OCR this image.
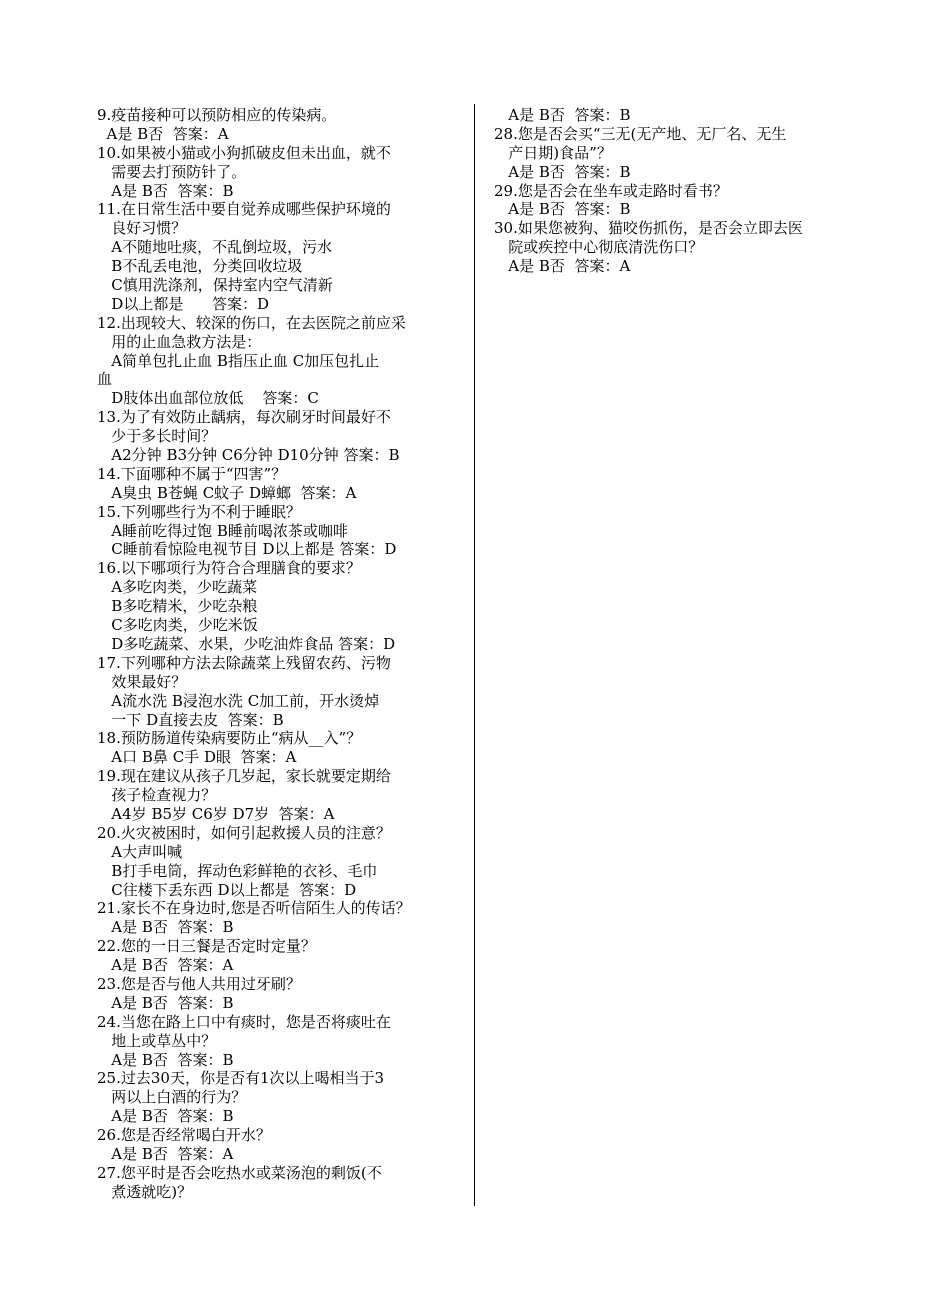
9.疫苗接种可以预防相应的传染病。
A是 B否  答案：A
10.如果被小猫或小狗抓破皮但未出血，就不
需要去打预防针了。
A是 B否  答案：B
11.在日常生活中要自觉养成哪些保护环境的
良好习惯？
A不随地吐痰，不乱倒垃圾，污水
B不乱丢电池，分类回收垃圾
C慎用洗涤剂，保持室内空气清新
D以上都是      答案：D
12.出现较大、较深的伤口，在去医院之前应采
用的止血急救方法是：
A简单包扎止血 B指压止血 C加压包扎止
血
D肢体出血部位放低    答案：C
13.为了有效防止龋病，每次刷牙时间最好不
少于多长时间？
A2分钟 B3分钟 C6分钟 D10分钟 答案：B
14.下面哪种不属于“四害”？
A臭虫 B苍蝇 C蚊子 D蟑螂  答案：A
15.下列哪些行为不利于睡眠？
A睡前吃得过饱 B睡前喝浓茶或咖啡
C睡前看惊险电视节目 D以上都是 答案：D
16.以下哪项行为符合合理膳食的要求？
A多吃肉类，少吃蔬菜
B多吃精米，少吃杂粮
C多吃肉类，少吃米饭
D多吃蔬菜、水果，少吃油炸食品 答案：D
17.下列哪种方法去除蔬菜上残留农药、污物
效果最好？
A流水洗 B浸泡水洗 C加工前，开水烫焯
一下 D直接去皮  答案：B
18.预防肠道传染病要防止“病从__入”？
A口 B鼻 C手 D眼  答案：A
19.现在建议从孩子几岁起，家长就要定期给
孩子检查视力？
A4岁 B5岁 C6岁 D7岁  答案：A
20.火灾被困时，如何引起救援人员的注意？
A大声叫喊
B打手电筒，挥动色彩鲜艳的衣衫、毛巾
C往楼下丢东西 D以上都是  答案：D
21.家长不在身边时,您是否听信陌生人的传话？
A是 B否  答案：B
22.您的一日三餐是否定时定量？
A是 B否  答案：A
23.您是否与他人共用过牙刷？
A是 B否  答案：B
24.当您在路上口中有痰时，您是否将痰吐在
地上或草丛中？
A是 B否  答案：B
25.过去30天，你是否有1次以上喝相当于3
两以上白酒的行为？
A是 B否  答案：B
26.您是否经常喝白开水？
A是 B否  答案：A
27.您平时是否会吃热水或菜汤泡的剩饭(不
煮透就吃)？
A是 B否  答案：B
28.您是否会买“三无(无产地、无厂名、无生
产日期)食品”？
A是 B否  答案：B
29.您是否会在坐车或走路时看书？
A是 B否  答案：B
30.如果您被狗、猫咬伤抓伤，是否会立即去医
院或疾控中心彻底清洗伤口？
A是 B否  答案：A
